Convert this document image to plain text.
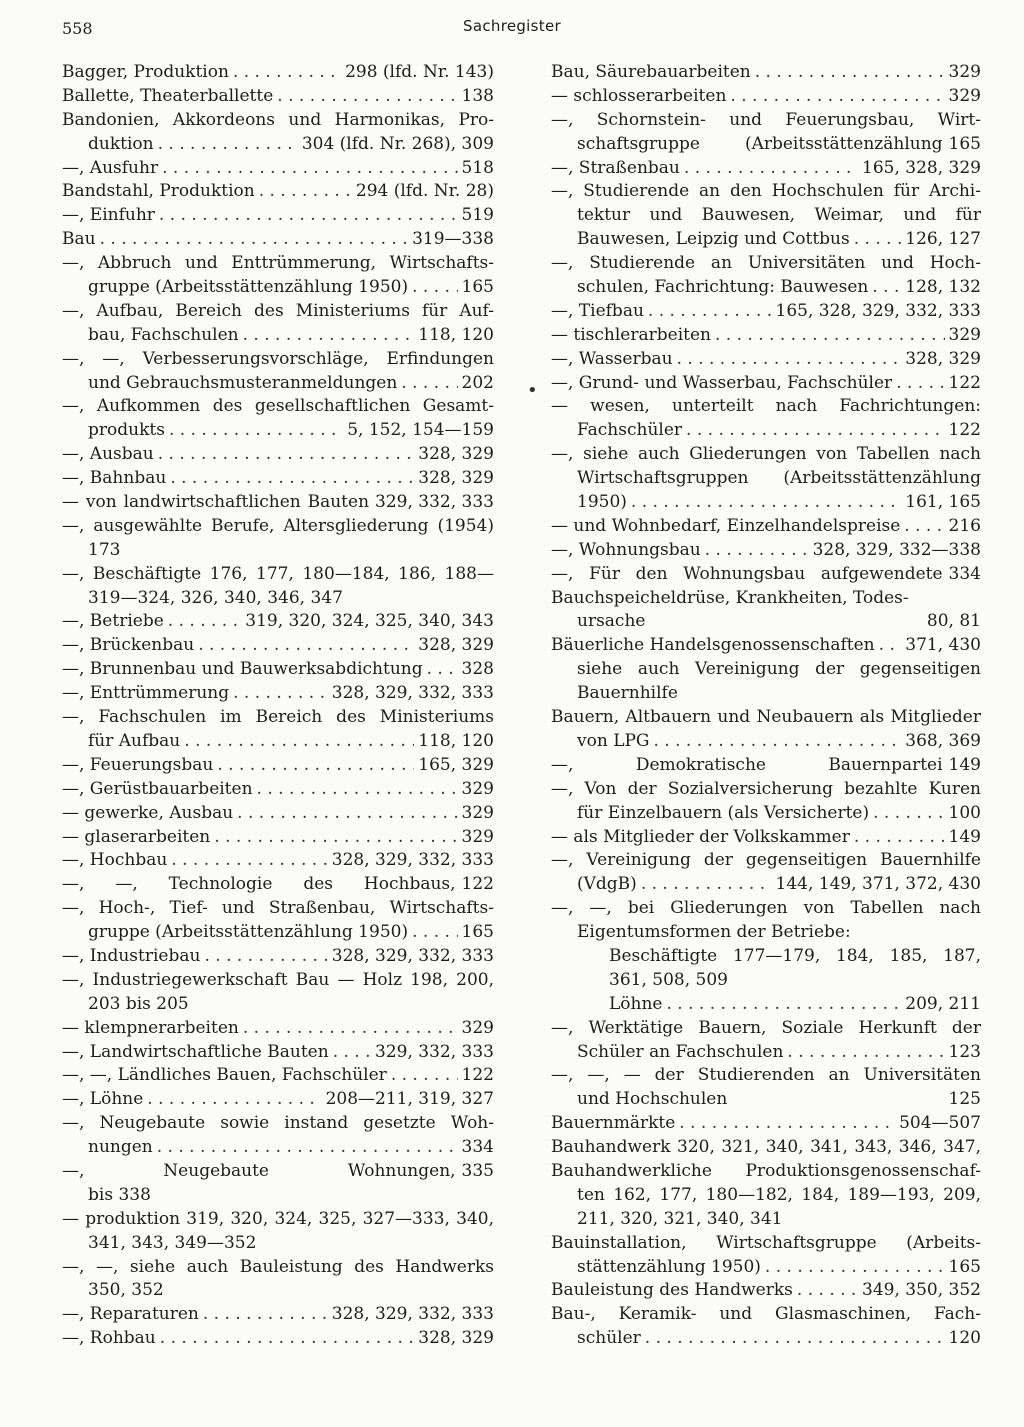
558	Sachregister
Bagger, Produktion . . .	298 (lfd. Nr. 143)
Ballette, Theaterballette . . .	138
Bandonien, Akkordeons und Harmonikas, Pro-
duktion . . .	304 (lfd. Nr. 268), 309
—, Ausfuhr . . .	518
Bandstahl, Produktion . . .	294 (lfd. Nr. 28)
—, Einfuhr . . .	519
Bau . . .	319—338
—, Abbruch und Enttrümmerung, Wirtschafts-
gruppe (Arbeitsstättenzählung 1950) . . .	165
—, Aufbau, Bereich des Ministeriums für Auf-
bau, Fachschulen . . .	118, 120
—, —, Verbesserungsvorschläge, Erfindungen
und Gebrauchsmusteranmeldungen . . .	202
—, Aufkommen des gesellschaftlichen Gesamt-
produkts . . .	5, 152, 154—159
—, Ausbau . . .	328, 329
—, Bahnbau . . .	328, 329
— von landwirtschaftlichen Bauten 329, 332, 333
—, ausgewählte Berufe, Altersgliederung (1954)
173
—, Beschäftigte 176, 177, 180—184, 186, 188—
319—324, 326, 340, 346, 347
—, Betriebe . . .	319, 320, 324, 325, 340, 343
—, Brückenbau . . .	328, 329
—, Brunnenbau und Bauwerksabdichtung . . . 328
—, Enttrümmerung . . .	328, 329, 332, 333
—, Fachschulen im Bereich des Ministeriums
für Aufbau . . .	118, 120
—, Feuerungsbau . . .	165, 329
—, Gerüstbauarbeiten . . .	329
— gewerke, Ausbau . . .	329
— glaserarbeiten . . .	329
—, Hochbau . . .	328, 329, 332, 333
—, —, Technologie des Hochbaus, 122
—, Hoch-, Tief- und Straßenbau, Wirtschafts-
gruppe (Arbeitsstättenzählung 1950) . . .	165
—, Industriebau . . .	328, 329, 332, 333
—, Industriegewerkschaft Bau — Holz 198, 200,
203 bis 205
— klempnerarbeiten . . .	329
—, Landwirtschaftliche Bauten . . .	329, 332, 333
—, —, Ländliches Bauen, Fachschüler . . .	122
—, Löhne . . .	208—211, 319, 327
—, Neugebaute sowie instand gesetzte Woh-
nungen . . .	334
—, Neugebaute Wohnungen, 335
bis 338
— produktion 319, 320, 324, 325, 327—333, 340,
341, 343, 349—352
—, —, siehe auch Bauleistung des Handwerks
350, 352
—, Reparaturen . . .	328, 329, 332, 333
—, Rohbau . . .	328, 329
Bau, Säurebauarbeiten . . .	329
— schlosserarbeiten . . .	329
—, Schornstein- und Feuerungsbau, Wirt-
schaftsgruppe (Arbeitsstättenzählung 165
—, Straßenbau . . .	165, 328, 329
—, Studierende an den Hochschulen für Archi-
tektur und Bauwesen, Weimar, und für
Bauwesen, Leipzig und Cottbus . . .	126, 127
—, Studierende an Universitäten und Hoch-
schulen, Fachrichtung: Bauwesen . . . 128, 132
—, Tiefbau . . .	165, 328, 329, 332, 333
— tischlerarbeiten . . .	329
—, Wasserbau . . .	328, 329
—, Grund- und Wasserbau, Fachschüler . . .	122
— wesen, unterteilt nach Fachrichtungen:
Fachschüler . . .	122
—, siehe auch Gliederungen von Tabellen nach
Wirtschaftsgruppen (Arbeitsstättenzählung
1950) . . .	161, 165
— und Wohnbedarf, Einzelhandelspreise . . .	216
—, Wohnungsbau . . .	328, 329, 332—338
—, Für den Wohnungsbau aufgewendete 334
Bauchspeicheldrüse, Krankheiten, Todes-
ursache	80, 81
Bäuerliche Handelsgenossenschaften . . . 371, 430
siehe auch Vereinigung der gegenseitigen
Bauernhilfe
Bauern, Altbauern und Neubauern als Mitglieder
von LPG . . .	368, 369
—, Demokratische Bauernpartei 149
—, Von der Sozialversicherung bezahlte Kuren
für Einzelbauern (als Versicherte) . . .	100
— als Mitglieder der Volkskammer . . .	149
—, Vereinigung der gegenseitigen Bauernhilfe
(VdgB) . . .	144, 149, 371, 372, 430
—, —, bei Gliederungen von Tabellen nach
Eigentumsformen der Betriebe:
Beschäftigte 177—179, 184, 185, 187,
361, 508, 509
Löhne . . .	209, 211
—, Werktätige Bauern, Soziale Herkunft der
Schüler an Fachschulen . . .	123
—, —, — der Studierenden an Universitäten
und Hochschulen	125
Bauernmärkte . . .	504—507
Bauhandwerk 320, 321, 340, 341, 343, 346, 347,
Bauhandwerkliche Produktionsgenossenschaf-
ten 162, 177, 180—182, 184, 189—193, 209,
211, 320, 321, 340, 341
Bauinstallation, Wirtschaftsgruppe (Arbeits-
stättenzählung 1950) . . .	165
Bauleistung des Handwerks . . .	349, 350, 352
Bau-, Keramik- und Glasmaschinen, Fach-
schüler . . .	120
•
